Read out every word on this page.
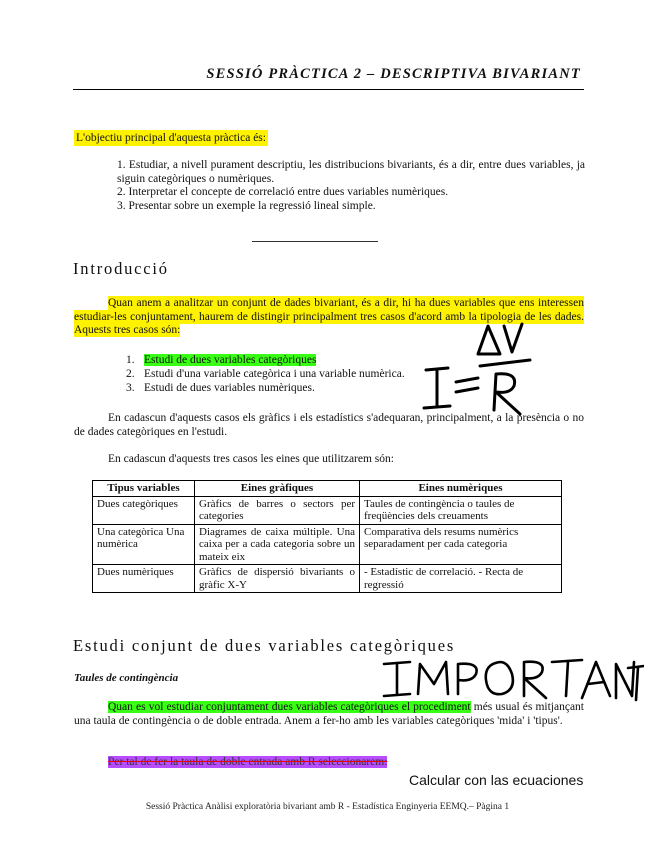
SESSIÓ PRÀCTICA 2 – DESCRIPTIVA BIVARIANT
L'objectiu principal d'aquesta pràctica és:

1. Estudiar, a nivell purament descriptiu, les distribucions bivariants, és a dir, entre dues variables, ja siguin categòriques o numèriques.

2. Interpretar el concepte de correlació entre dues variables numèriques.

3. Presentar sobre un exemple la regressió lineal simple.

Introducció
Quan anem a analitzar un conjunt de dades bivariant, és a dir, hi ha dues variables que ens interessen estudiar-les conjuntament, haurem de distingir principalment tres casos d'acord amb la tipologia de les dades. Aquests tres casos són:
1. Estudi de dues variables categòriques
2. Estudi d'una variable categòrica i una variable numèrica.
3. Estudi de dues variables numèriques.
En cadascun d'aquests casos els gràfics i els estadístics s'adequaran, principalment, a la presència o no de dades categòriques en l'estudi.
En cadascun d'aquests tres casos les eines que utilitzarem són:
Tipus variables	Eines gràfiques	Eines numèriques
Dues categòriques	Gràfics de barres o sectors per categories	Taules de contingència o taules de freqüències dels creuaments
Una categòrica Una numèrica	Diagrames de caixa múltiple. Una caixa per a cada categoria sobre un mateix eix	Comparativa dels resums numèrics separadament per cada categoria
Dues numèriques	Gràfics de dispersió bivariants o gràfic X-Y	- Estadístic de correlació. - Recta de regressió
Estudi conjunt de dues variables categòriques
Taules de contingència
Quan es vol estudiar conjuntament dues variables categòriques el procediment més usual és mitjançant una taula de contingència o de doble entrada. Anem a fer-ho amb les variables categòriques 'mida' i 'tipus'.
Per tal de fer la taula de doble entrada amb R seleccionarem:
Calcular con las ecuaciones
Sessió Pràctica Anàlisi exploratòria bivariant amb R - Estadística Enginyeria EEMQ.– Pàgina 1
